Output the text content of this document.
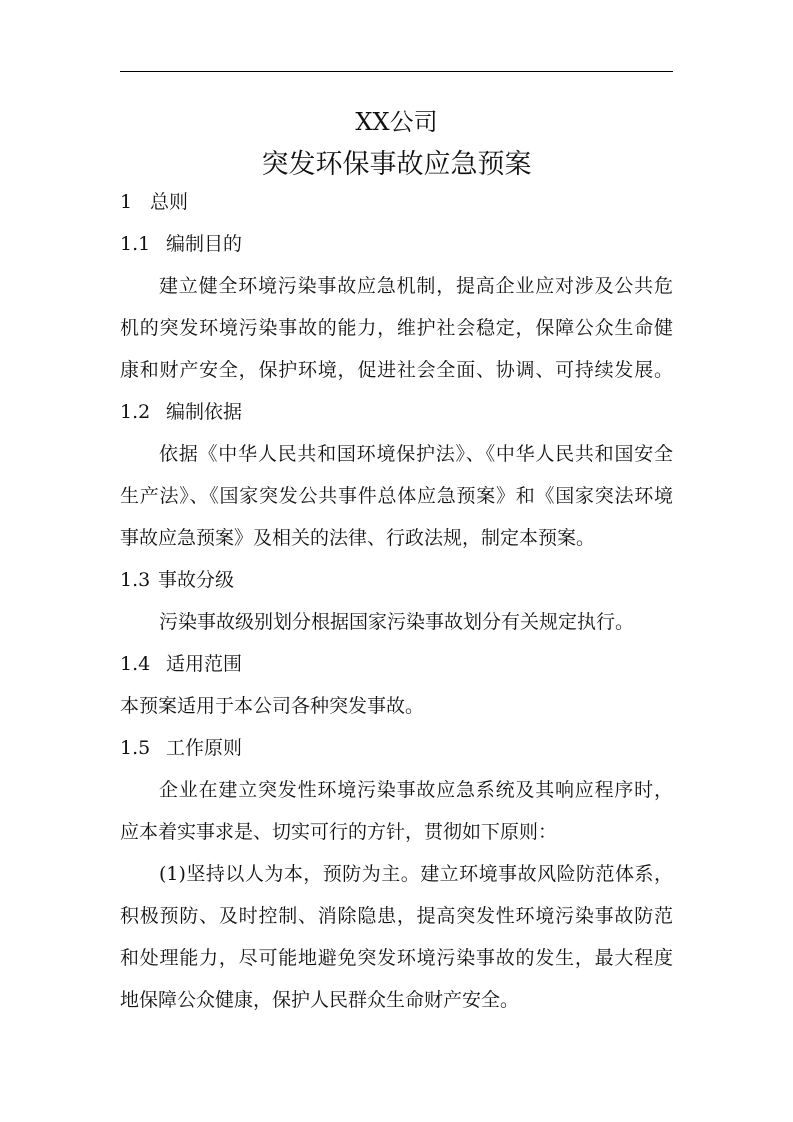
XX公司
突发环保事故应急预案
1 总则
1.1 编制目的
建立健全环境污染事故应急机制，提高企业应对涉及公共危
机的突发环境污染事故的能力，维护社会稳定，保障公众生命健
康和财产安全，保护环境，促进社会全面、协调、可持续发展。
1.2 编制依据
依据《中华人民共和国环境保护法》、《中华人民共和国安全
生产法》、《国家突发公共事件总体应急预案》和《国家突法环境
事故应急预案》及相关的法律、行政法规，制定本预案。
1.3 事故分级
污染事故级别划分根据国家污染事故划分有关规定执行。
1.4 适用范围
本预案适用于本公司各种突发事故。
1.5 工作原则
企业在建立突发性环境污染事故应急系统及其响应程序时，
应本着实事求是、切实可行的方针，贯彻如下原则：
(1)坚持以人为本，预防为主。建立环境事故风险防范体系，
积极预防、及时控制、消除隐患，提高突发性环境污染事故防范
和处理能力，尽可能地避免突发环境污染事故的发生，最大程度
地保障公众健康，保护人民群众生命财产安全。
